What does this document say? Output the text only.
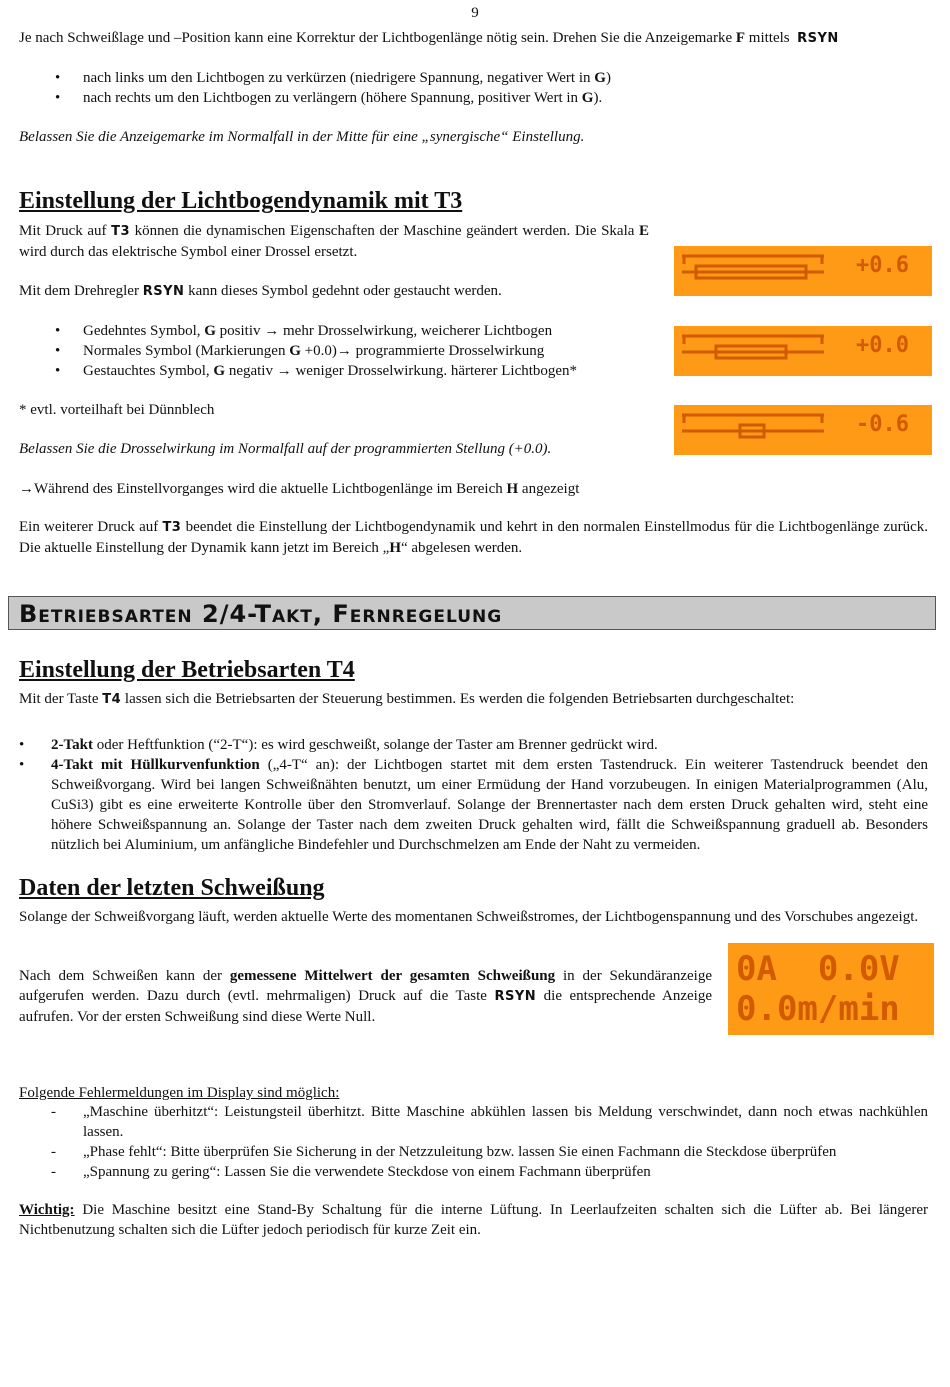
9
Je nach Schweißlage und –Position kann eine Korrektur der Lichtbogenlänge nötig sein. Drehen Sie die Anzeigemarke F mittels RSYN
• nach links um den Lichtbogen zu verkürzen (niedrigere Spannung, negativer Wert in G)
• nach rechts um den Lichtbogen zu verlängern (höhere Spannung, positiver Wert in G).
Belassen Sie die Anzeigemarke im Normalfall in der Mitte für eine „synergische“ Einstellung.
Einstellung der Lichtbogendynamik mit T3
Mit Druck auf T3 können die dynamischen Eigenschaften der Maschine geändert werden. Die Skala E wird durch das elektrische Symbol einer Drossel ersetzt.
Mit dem Drehregler RSYN kann dieses Symbol gedehnt oder gestaucht werden.
• Gedehntes Symbol, G positiv → mehr Drosselwirkung, weicherer Lichtbogen
• Normales Symbol (Markierungen G +0.0)→ programmierte Drosselwirkung
• Gestauchtes Symbol, G negativ → weniger Drosselwirkung. härterer Lichtbogen*
* evtl. vorteilhaft bei Dünnblech
Belassen Sie die Drosselwirkung im Normalfall auf der programmierten Stellung (+0.0).
→Während des Einstellvorganges wird die aktuelle Lichtbogenlänge im Bereich H angezeigt
Ein weiterer Druck auf T3 beendet die Einstellung der Lichtbogendynamik und kehrt in den normalen Einstellmodus für die Lichtbogenlänge zurück. Die aktuelle Einstellung der Dynamik kann jetzt im Bereich „H“ abgelesen werden.
+0.6
+0.0
-0.6
Betriebsarten 2/4-Takt, Fernregelung
Einstellung der Betriebsarten T4
Mit der Taste T4 lassen sich die Betriebsarten der Steuerung bestimmen. Es werden die folgenden Betriebsarten durchgeschaltet:
• 2-Takt oder Heftfunktion (“2-T“): es wird geschweißt, solange der Taster am Brenner gedrückt wird.
• 4-Takt mit Hüllkurvenfunktion („4-T“ an): der Lichtbogen startet mit dem ersten Tastendruck. Ein weiterer Tastendruck beendet den Schweißvorgang. Wird bei langen Schweißnähten benutzt, um einer Ermüdung der Hand vorzubeugen. In einigen Materialprogrammen (Alu, CuSi3) gibt es eine erweiterte Kontrolle über den Stromverlauf. Solange der Brennertaster nach dem ersten Druck gehalten wird, steht eine höhere Schweißspannung an. Solange der Taster nach dem zweiten Druck gehalten wird, fällt die Schweißspannung graduell ab. Besonders nützlich bei Aluminium, um anfängliche Bindefehler und Durchschmelzen am Ende der Naht zu vermeiden.
Daten der letzten Schweißung
Solange der Schweißvorgang läuft, werden aktuelle Werte des momentanen Schweißstromes, der Lichtbogenspannung und des Vorschubes angezeigt.
Nach dem Schweißen kann der gemessene Mittelwert der gesamten Schweißung in der Sekundäranzeige aufgerufen werden. Dazu durch (evtl. mehrmaligen) Druck auf die Taste RSYN die entsprechende Anzeige aufrufen. Vor der ersten Schweißung sind diese Werte Null.
0A  0.0V
0.0m/min
Folgende Fehlermeldungen im Display sind möglich:
- „Maschine überhitzt“: Leistungsteil überhitzt. Bitte Maschine abkühlen lassen bis Meldung verschwindet, dann noch etwas nachkühlen lassen.
- „Phase fehlt“: Bitte überprüfen Sie Sicherung in der Netzzuleitung bzw. lassen Sie einen Fachmann die Steckdose überprüfen
- „Spannung zu gering“: Lassen Sie die verwendete Steckdose von einem Fachmann überprüfen
Wichtig: Die Maschine besitzt eine Stand-By Schaltung für die interne Lüftung. In Leerlaufzeiten schalten sich die Lüfter ab. Bei längerer Nichtbenutzung schalten sich die Lüfter jedoch periodisch für kurze Zeit ein.
